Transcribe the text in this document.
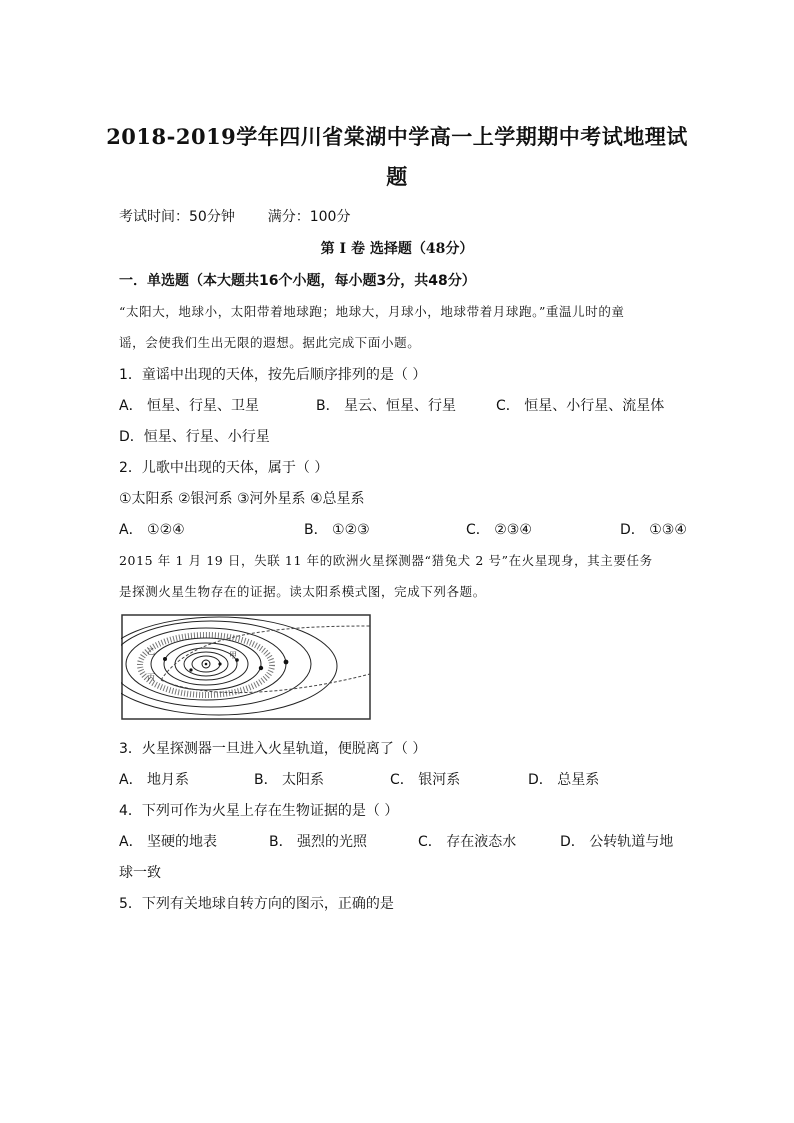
2018-2019学年四川省棠湖中学高一上学期期中考试地理试
题
考试时间：50分钟 满分：100分
第 I 卷 选择题（48分）
一．单选题（本大题共16个小题，每小题3分，共48分）
“太阳大，地球小，太阳带着地球跑；地球大，月球小，地球带着月球跑。”重温儿时的童
谣，会使我们生出无限的遐想。据此完成下面小题。
1．童谣中出现的天体，按先后顺序排列的是（ ）
A． 恒星、行星、卫星	B． 星云、恒星、行星	C． 恒星、小行星、流星体
D．恒星、行星、小行星
2．儿歌中出现的天体，属于（ ）
①太阳系 ②银河系 ③河外星系 ④总星系
A． ①②④	B． ①②③	C． ②③④	D． ①③④
2015 年 1 月 19 日，失联 11 年的欧洲火星探测器“猎兔犬 2 号”在火星现身，其主要任务
是探测火星生物存在的证据。读太阳系模式图，完成下列各题。
甲
乙
丙
3．火星探测器一旦进入火星轨道，便脱离了（ ）
A． 地月系	B． 太阳系	C． 银河系	D． 总星系
4．下列可作为火星上存在生物证据的是（ ）
A． 坚硬的地表	B． 强烈的光照	C． 存在液态水	D． 公转轨道与地
球一致
5．下列有关地球自转方向的图示，正确的是
